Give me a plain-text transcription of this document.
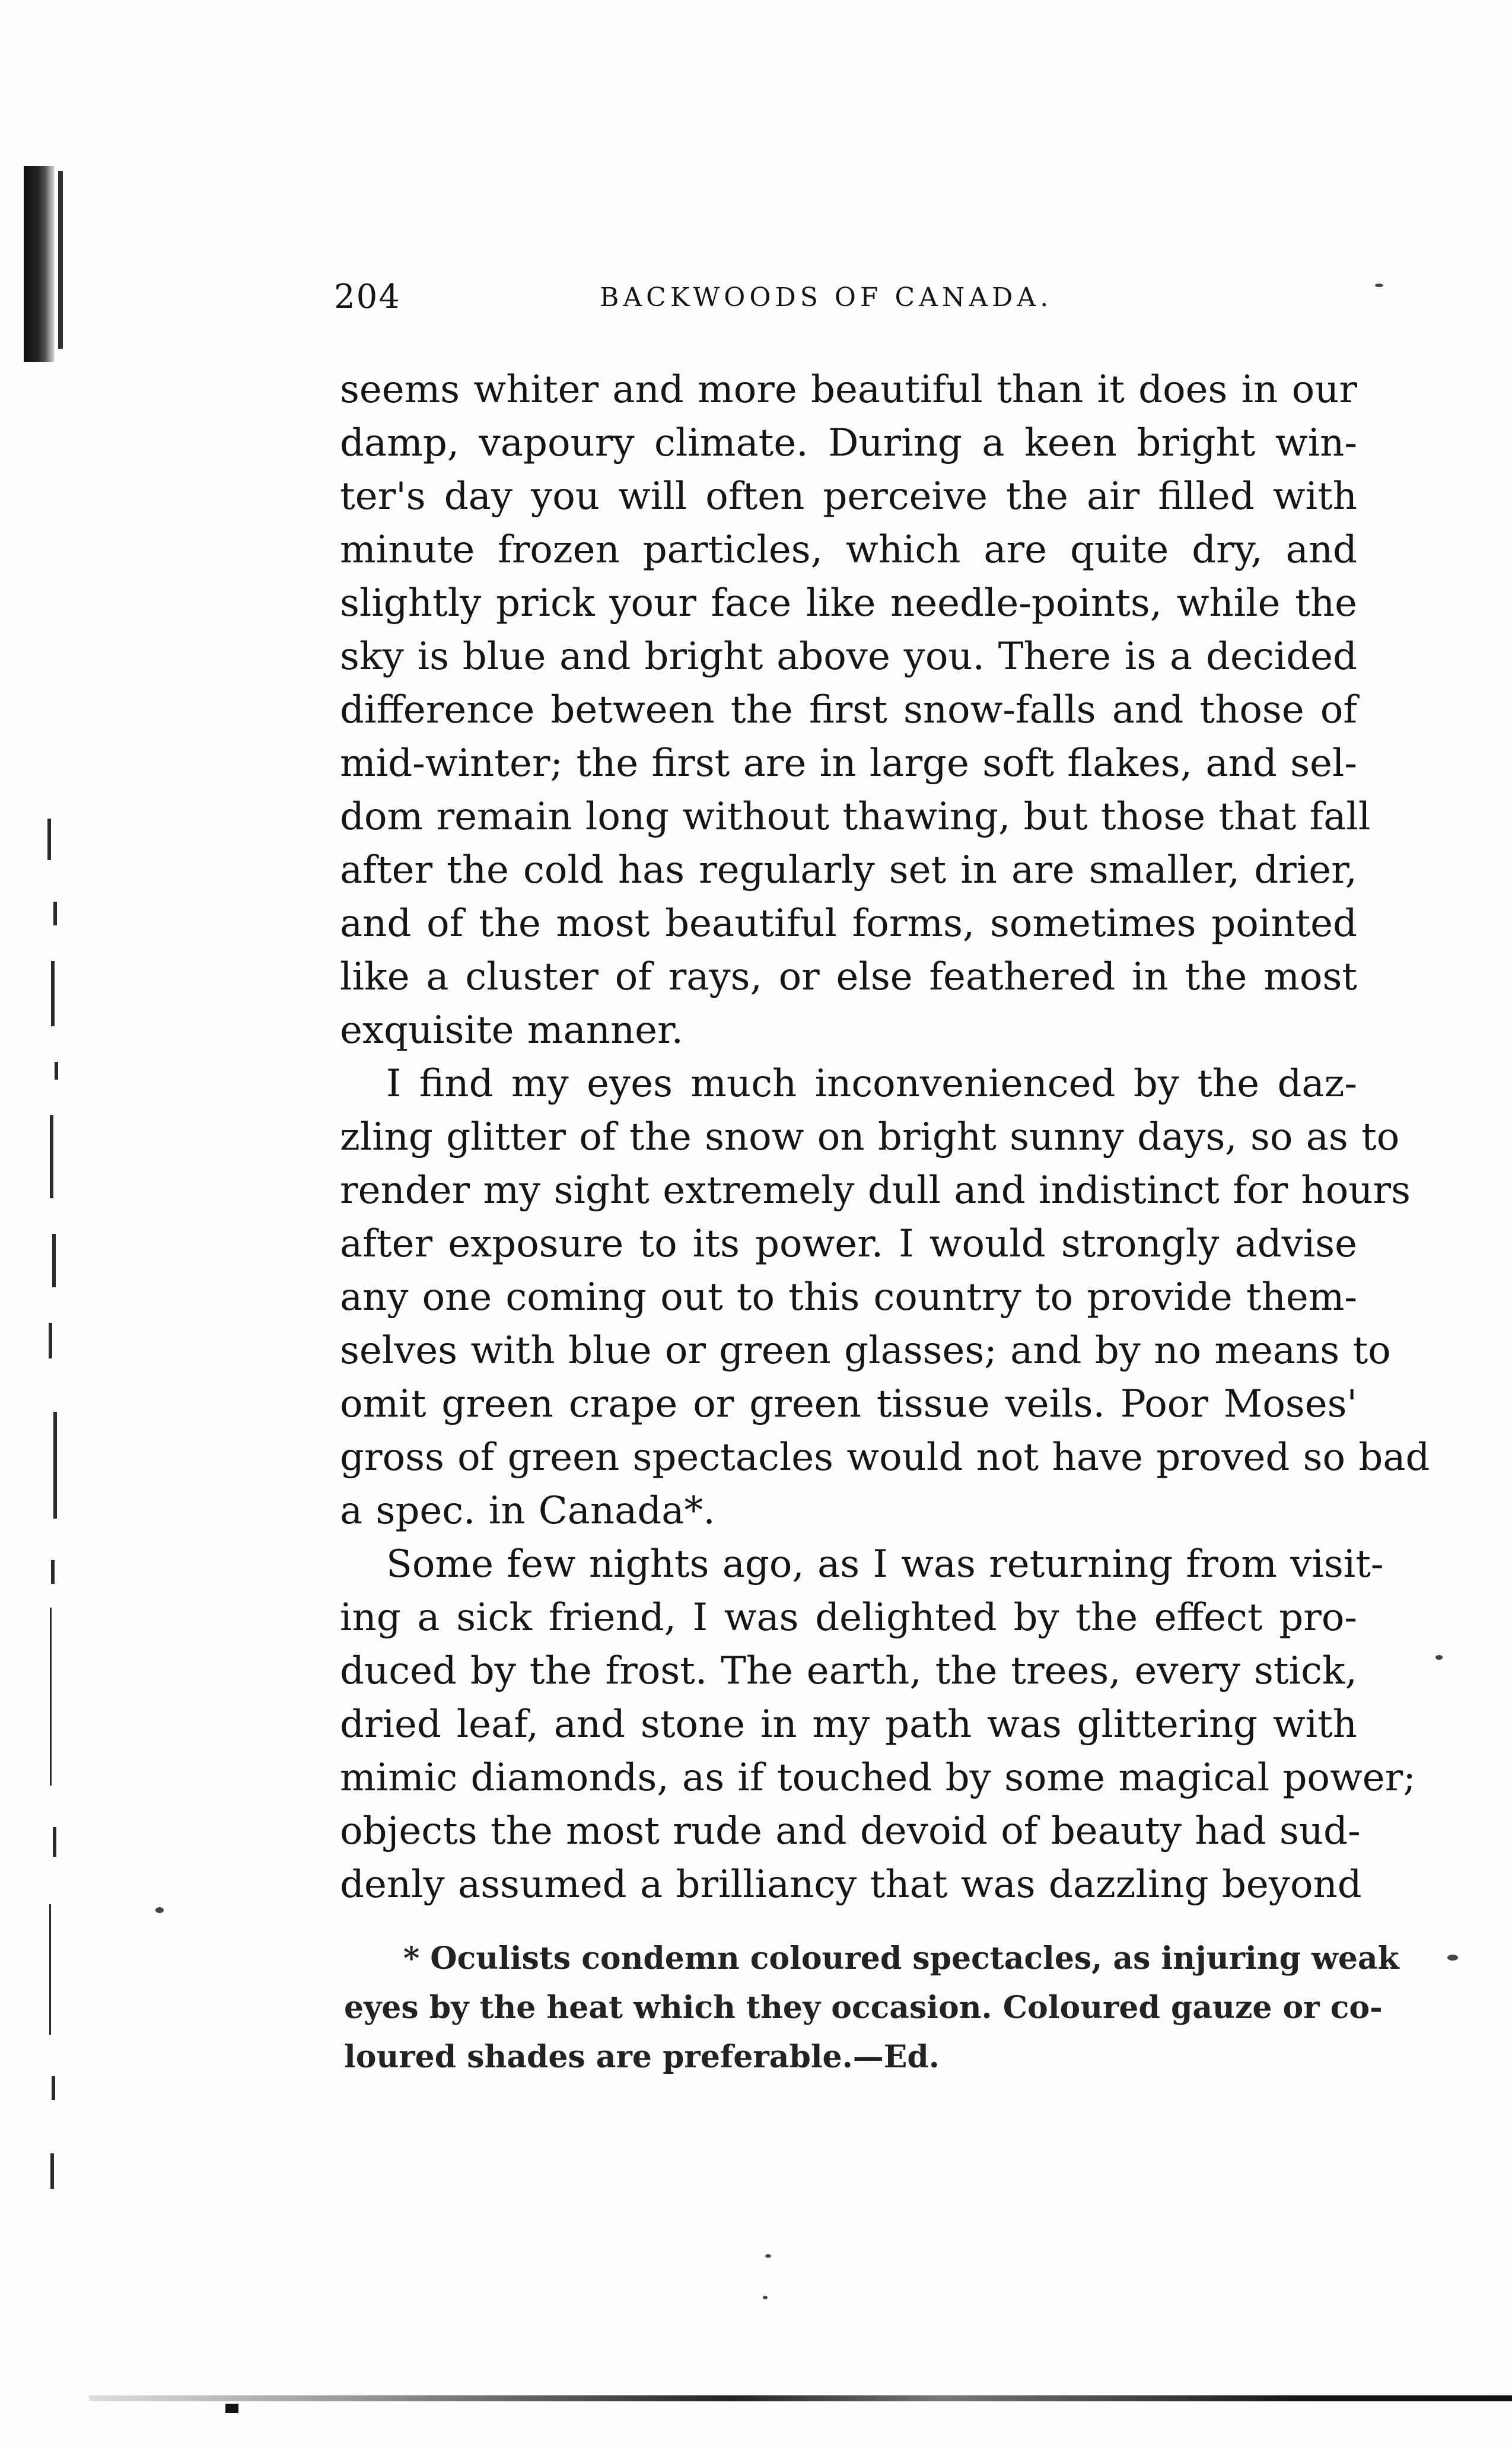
204	BACKWOODS OF CANADA.
seems whiter and more beautiful than it does in our
damp, vapoury climate. During a keen bright win-
ter's day you will often perceive the air filled with
minute frozen particles, which are quite dry, and
slightly prick your face like needle-points, while the
sky is blue and bright above you. There is a decided
difference between the first snow-falls and those of
mid-winter; the first are in large soft flakes, and sel-
dom remain long without thawing, but those that fall
after the cold has regularly set in are smaller, drier,
and of the most beautiful forms, sometimes pointed
like a cluster of rays, or else feathered in the most
exquisite manner.
I find my eyes much inconvenienced by the daz-
zling glitter of the snow on bright sunny days, so as to
render my sight extremely dull and indistinct for hours
after exposure to its power. I would strongly advise
any one coming out to this country to provide them-
selves with blue or green glasses; and by no means to
omit green crape or green tissue veils. Poor Moses'
gross of green spectacles would not have proved so bad
a spec. in Canada*.
Some few nights ago, as I was returning from visit-
ing a sick friend, I was delighted by the effect pro-
duced by the frost. The earth, the trees, every stick,
dried leaf, and stone in my path was glittering with
mimic diamonds, as if touched by some magical power;
objects the most rude and devoid of beauty had sud-
denly assumed a brilliancy that was dazzling beyond
* Oculists condemn coloured spectacles, as injuring weak
eyes by the heat which they occasion. Coloured gauze or co-
loured shades are preferable.—Ed.
